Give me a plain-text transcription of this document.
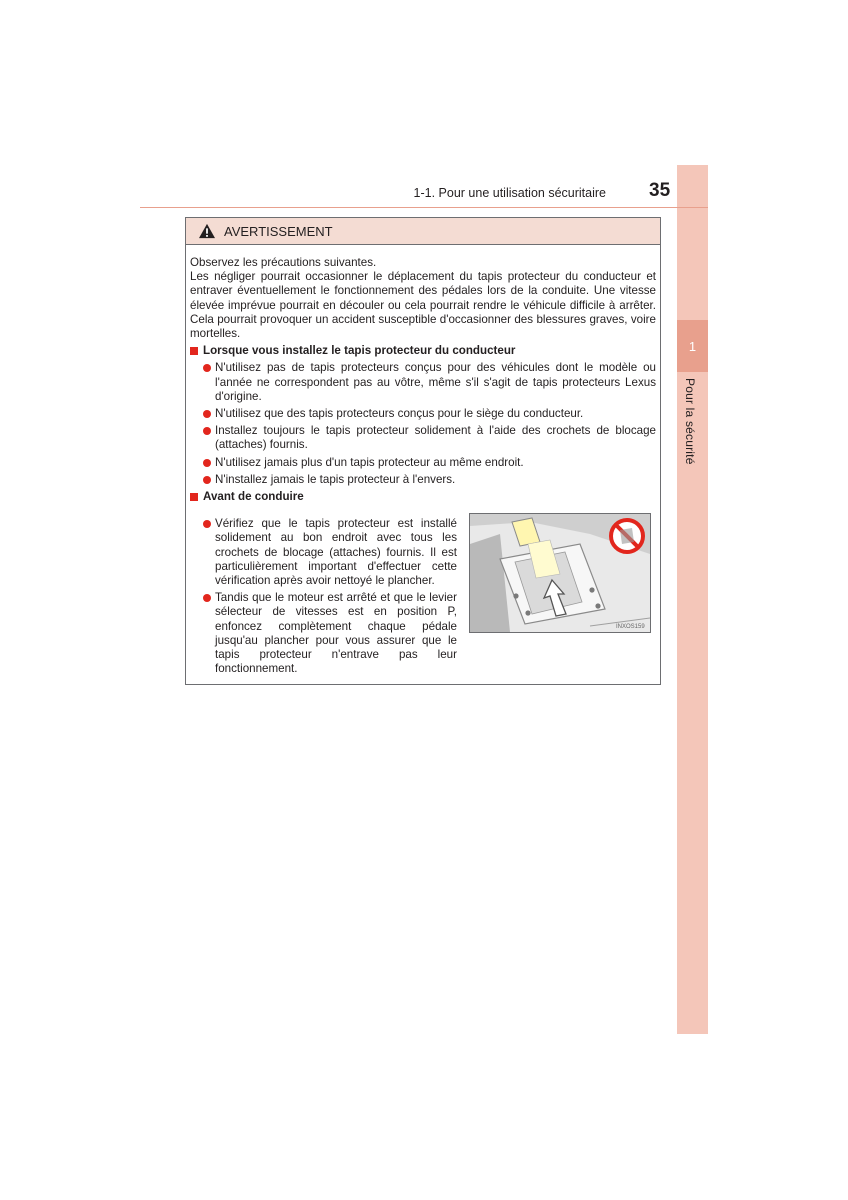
1
Pour la sécurité
1-1. Pour une utilisation sécuritaire 35
AVERTISSEMENT

Observez les précautions suivantes.

Les négliger pourrait occasionner le déplacement du tapis protecteur du conducteur et entraver éventuellement le fonctionnement des pédales lors de la conduite. Une vitesse élevée imprévue pourrait en découler ou cela pourrait rendre le véhicule difficile à arrêter. Cela pourrait provoquer un accident susceptible d'occasionner des blessures graves, voire mortelles.

Lorsque vous installez le tapis protecteur du conducteur
N'utilisez pas de tapis protecteurs conçus pour des véhicules dont le modèle ou l'année ne correspondent pas au vôtre, même s'il s'agit de tapis protecteurs Lexus d'origine.
N'utilisez que des tapis protecteurs conçus pour le siège du conducteur.
Installez toujours le tapis protecteur solidement à l'aide des crochets de blocage (attaches) fournis.
N'utilisez jamais plus d'un tapis protecteur au même endroit.
N'installez jamais le tapis protecteur à l'envers.
Avant de conduire
Vérifiez que le tapis protecteur est installé solidement au bon endroit avec tous les crochets de blocage (attaches) fournis. Il est particulièrement important d'effectuer cette vérification après avoir nettoyé le plancher.
Tandis que le moteur est arrêté et que le levier sélecteur de vitesses est en position P, enfoncez complètement chaque pédale jusqu'au plancher pour vous assurer que le tapis protecteur n'entrave pas leur fonctionnement.
INXOS159
